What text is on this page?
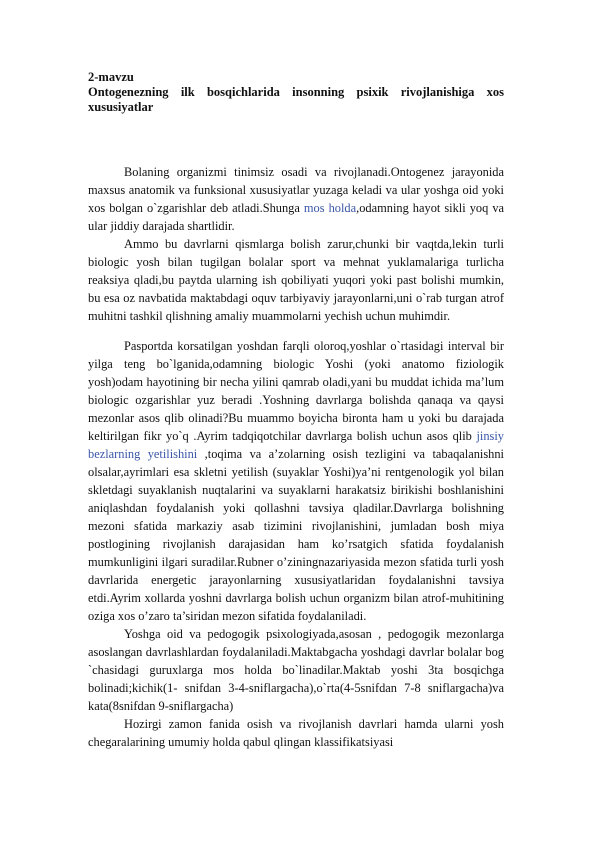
2-mavzu
Ontogenezning ilk bosqichlarida insonning psixik rivojlanishiga xos xususiyatlar

Bolaning organizmi tinimsiz osadi va rivojlanadi.Ontogenez jarayonida maxsus anatomik va funksional xususiyatlar yuzaga keladi va ular yoshga oid yoki xos bolgan o`zgarishlar deb atladi.Shunga mos holda,odamning hayot sikli yoq va ular jiddiy darajada shartlidir.

Ammo bu davrlarni qismlarga bolish zarur,chunki bir vaqtda,lekin turli biologic yosh bilan tugilgan bolalar sport va mehnat yuklamalariga turlicha reaksiya qladi,bu paytda ularning ish qobiliyati yuqori yoki past bolishi mumkin, bu esa oz navbatida maktabdagi oquv tarbiyaviy jarayonlarni,uni o`rab turgan atrof muhitni tashkil qlishning amaliy muammolarni yechish uchun muhimdir.

Pasportda korsatilgan yoshdan farqli oloroq,yoshlar o`rtasidagi interval bir yilga teng bo`lganida,odamning biologic Yoshi (yoki anatomo fiziologik yosh)odam hayotining bir necha yilini qamrab oladi,yani bu muddat ichida ma’lum biologic ozgarishlar yuz beradi .Yoshning davrlarga bolishda qanaqa va qaysi mezonlar asos qlib olinadi?Bu muammo boyicha bironta ham u yoki bu darajada keltirilgan fikr yo`q .Ayrim tadqiqotchilar davrlarga bolish uchun asos qlib jinsiy bezlarning yetilishini ,toqima va a’zolarning osish tezligini va tabaqalanishni olsalar,ayrimlari esa skletni yetilish (suyaklar Yoshi)ya’ni rentgenologik yol bilan skletdagi suyaklanish nuqtalarini va suyaklarni harakatsiz birikishi boshlanishini aniqlashdan foydalanish yoki qollashni tavsiya qladilar.Davrlarga bolishning mezoni sfatida markaziy asab tizimini rivojlanishini, jumladan bosh miya postlogining rivojlanish darajasidan ham ko’rsatgich sfatida foydalanish mumkunligini ilgari suradilar.Rubner o’ziningnazariyasida mezon sfatida turli yosh davrlarida energetic jarayonlarning xususiyatlaridan foydalanishni tavsiya etdi.Ayrim xollarda yoshni davrlarga bolish uchun organizm bilan atrof-muhitining oziga xos o’zaro ta’siridan mezon sifatida foydalaniladi.

Yoshga oid va pedogogik psixologiyada,asosan , pedogogik mezonlarga asoslangan davrlashlardan foydalaniladi.Maktabgacha yoshdagi davrlar bolalar bog `chasidagi guruxlarga mos holda bo`linadilar.Maktab yoshi 3ta bosqichga bolinadi;kichik(1- snifdan 3-4-sniflargacha),o`rta(4-5snifdan 7-8 sniflargacha)va kata(8snifdan 9-sniflargacha)

Hozirgi zamon fanida osish va rivojlanish davrlari hamda ularni yosh chegaralarining umumiy holda qabul qlingan klassifikatsiyasi
